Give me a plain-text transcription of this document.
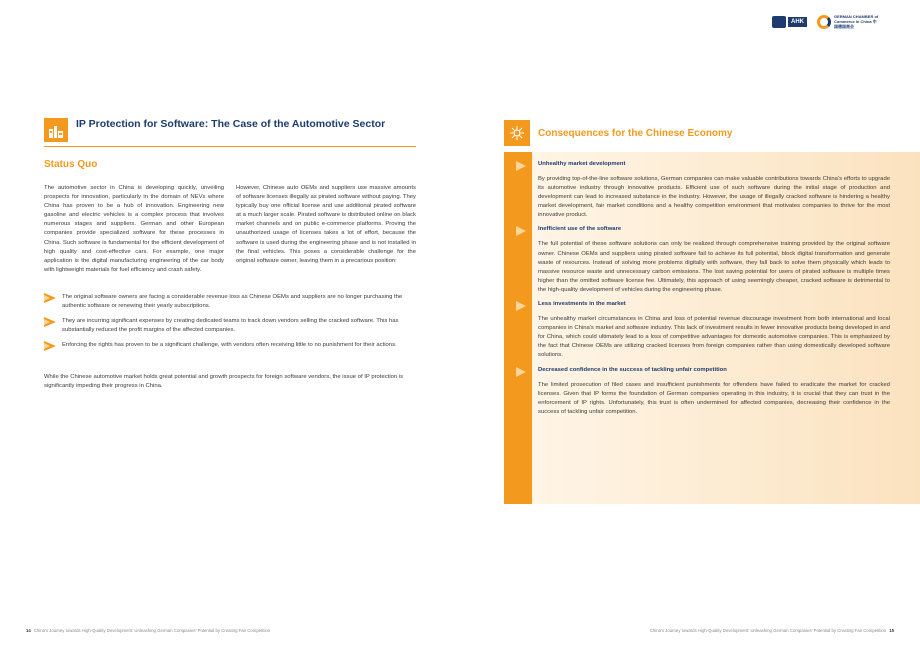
AHK
GERMAN CHAMBER of Commerce in China 中国德国商会
IP Protection for Software: The Case of the Automotive Sector
Status Quo

The automotive sector in China is developing quickly, unveiling prospects for innovation, particularly in the domain of NEVs where China has proven to be a hub of innovation. Engineering new gasoline and electric vehicles is a complex process that involves numerous stages and suppliers. German and other European companies provide specialized software for these processes in China. Such software is fundamental for the efficient development of high quality and cost-effective cars. For example, one major application is the digital manufacturing engineering of the car body with lightweight materials for fuel efficiency and crash safety.

However, Chinese auto OEMs and suppliers use massive amounts of software licenses illegally as pirated software without paying. They typically buy one official license and use additional pirated software at a much larger scale. Pirated software is distributed online on black market channels and on public e-commerce platforms. Proving the unauthorized usage of licenses takes a lot of effort, because the software is used during the engineering phase and is not installed in the final vehicles. This poses a considerable challenge for the original software owner, leaving them in a precarious position:

The original software owners are facing a considerable revenue loss as Chinese OEMs and suppliers are no longer purchasing the authentic software or renewing their yearly subscriptions.
They are incurring significant expenses by creating dedicated teams to track down vendors selling the cracked software. This has substantially reduced the profit margins of the affected companies.
Enforcing the rights has proven to be a significant challenge, with vendors often receiving little to no punishment for their actions.

While the Chinese automotive market holds great potential and growth prospects for foreign software vendors, the issue of IP protection is significantly impeding their progress in China.

Consequences for the Chinese Economy
Unhealthy market development

By providing top-of-the-line software solutions, German companies can make valuable contributions towards China's efforts to upgrade its automotive industry through innovative products. Efficient use of such software during the initial stage of production and development can lead to increased substance in the industry. However, the usage of illegally cracked software is hindering a healthy market development, fair market conditions and a healthy competition environment that motivates companies to thrive for the most innovative product.

Inefficient use of the software

The full potential of these software solutions can only be realized through comprehensive training provided by the original software owner. Chinese OEMs and suppliers using pirated software fail to achieve its full potential, block digital transformation and generate waste of resources. Instead of solving more problems digitally with software, they fall back to solve them physically which leads to massive resource waste and unnecessary carbon emissions. The lost saving potential for users of pirated software is multiple times higher than the omitted software license fee. Ultimately, this approach of using seemingly cheaper, cracked software is detrimental to the high-quality development of vehicles during the engineering phase.

Less investments in the market

The unhealthy market circumstances in China and loss of potential revenue discourage investment from both international and local companies in China's market and software industry. This lack of investment results in fewer innovative products being developed in and for China, which could ultimately lead to a loss of competitive advantages for domestic automotive companies. This is emphasized by the fact that Chinese OEMs are utilizing cracked licenses from foreign companies rather than using domestically developed software solutions.

Decreased confidence in the success of tackling unfair competition

The limited prosecution of filed cases and insufficient punishments for offenders have failed to eradicate the market for cracked licenses. Given that IP forms the foundation of German companies operating in this industry, it is crucial that they can trust in the enforcement of IP rights. Unfortunately, this trust is often undermined for affected companies, decreasing their confidence in the success of tackling unfair competition.

14 China's Journey towards High-Quality Development: Unleashing German Companies' Potential by Creating Fair Competition	China's Journey towards High-Quality Development: Unleashing German Companies' Potential by Creating Fair Competition 15
